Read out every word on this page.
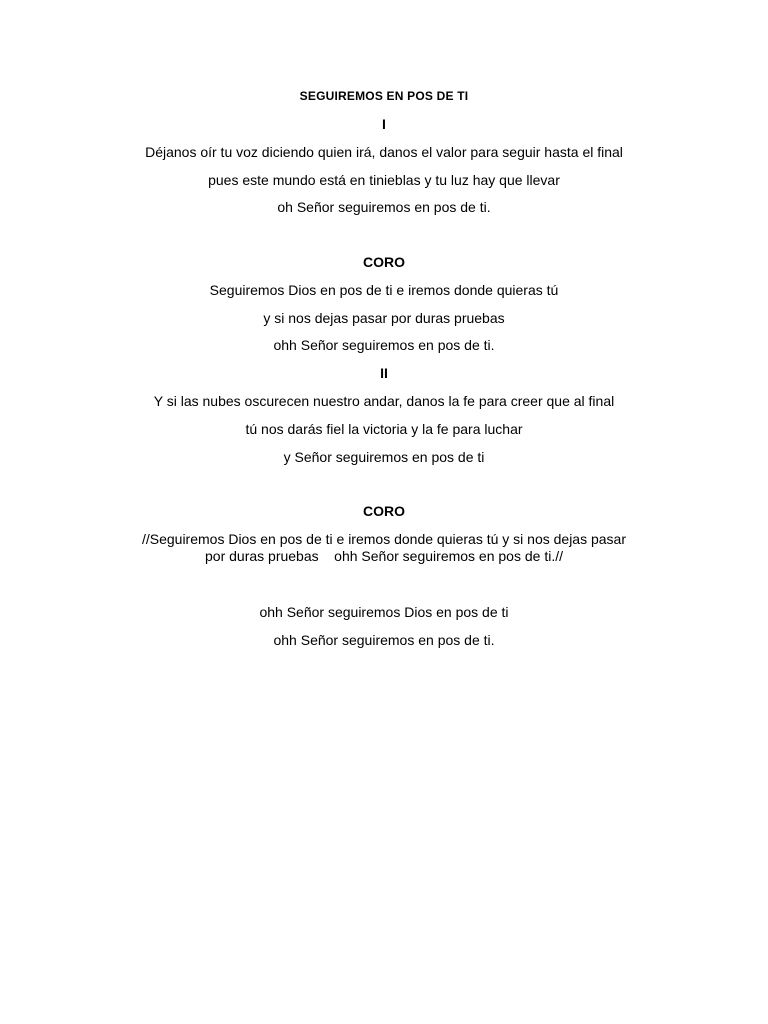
SEGUIREMOS EN POS DE TI
I
Déjanos oír tu voz diciendo quien irá, danos el valor para seguir hasta el final
pues este mundo está en tinieblas y tu luz hay que llevar
oh Señor seguiremos en pos de ti.
CORO
Seguiremos Dios en pos de ti e iremos donde quieras tú
y si nos dejas pasar por duras pruebas
ohh Señor seguiremos en pos de ti.
II
Y si las nubes oscurecen nuestro andar, danos la fe para creer que al final
tú nos darás fiel la victoria y la fe para luchar
y Señor seguiremos en pos de ti
CORO
//Seguiremos Dios en pos de ti e iremos donde quieras tú y si nos dejas pasar
por duras pruebas    ohh Señor seguiremos en pos de ti.//
ohh Señor seguiremos Dios en pos de ti
ohh Señor seguiremos en pos de ti.
